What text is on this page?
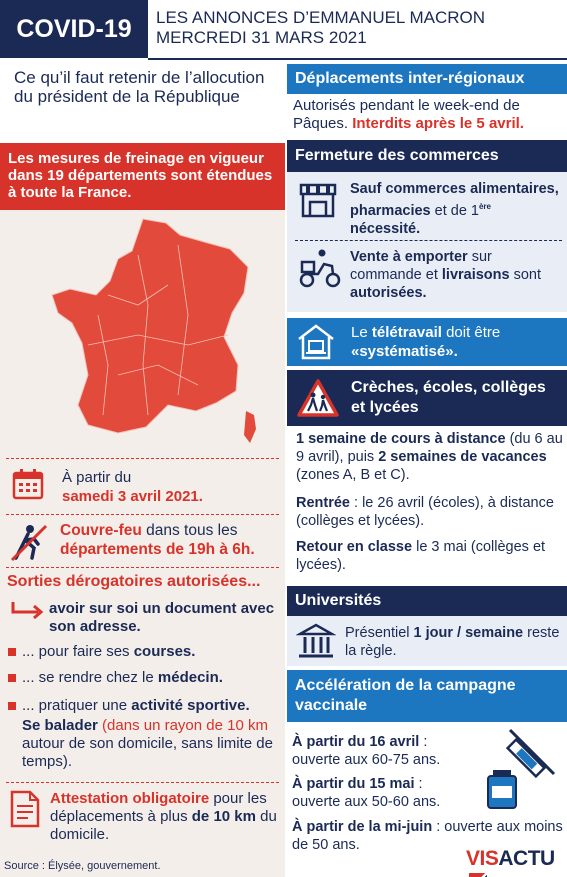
COVID-19	LES ANNONCES D’EMMANUEL MACRON
MERCREDI 31 MARS 2021
Ce qu’il faut retenir de l’allocution du président de la République
Les mesures de freinage en vigueur dans 19 départements sont étendues à toute la France.
À partir du
samedi 3 avril 2021.
Couvre-feu dans tous les départements de 19h à 6h.
Sorties dérogatoires autorisées...
avoir sur soi un document avec son adresse.
... pour faire ses courses.
... se rendre chez le médecin.
... pratiquer une activité sportive.
Se balader (dans un rayon de 10 km autour de son domicile, sans limite de temps).
Attestation obligatoire pour les déplacements à plus de 10 km du domicile.
Source : Élysée, gouvernement.
Déplacements inter-régionaux
Autorisés pendant le week-end de Pâques. Interdits après le 5 avril.
Fermeture des commerces
Sauf commerces alimentaires, pharmacies et de 1ère nécessité.
Vente à emporter sur commande et livraisons sont autorisées.
Le télétravail doit être
«systématisé».
Crèches, écoles, collèges et lycées
1 semaine de cours à distance (du 6 au 9 avril), puis 2 semaines de vacances (zones A, B et C).
Rentrée : le 26 avril (écoles), à distance (collèges et lycées).
Retour en classe le 3 mai (collèges et lycées).
Universités
Présentiel 1 jour / semaine reste la règle.
Accélération de la campagne vaccinale
À partir du 16 avril : ouverte aux 60-75 ans.
À partir du 15 mai : ouverte aux 50-60 ans.
À partir de la mi-juin : ouverte aux moins de 50 ans.
VISACTU
